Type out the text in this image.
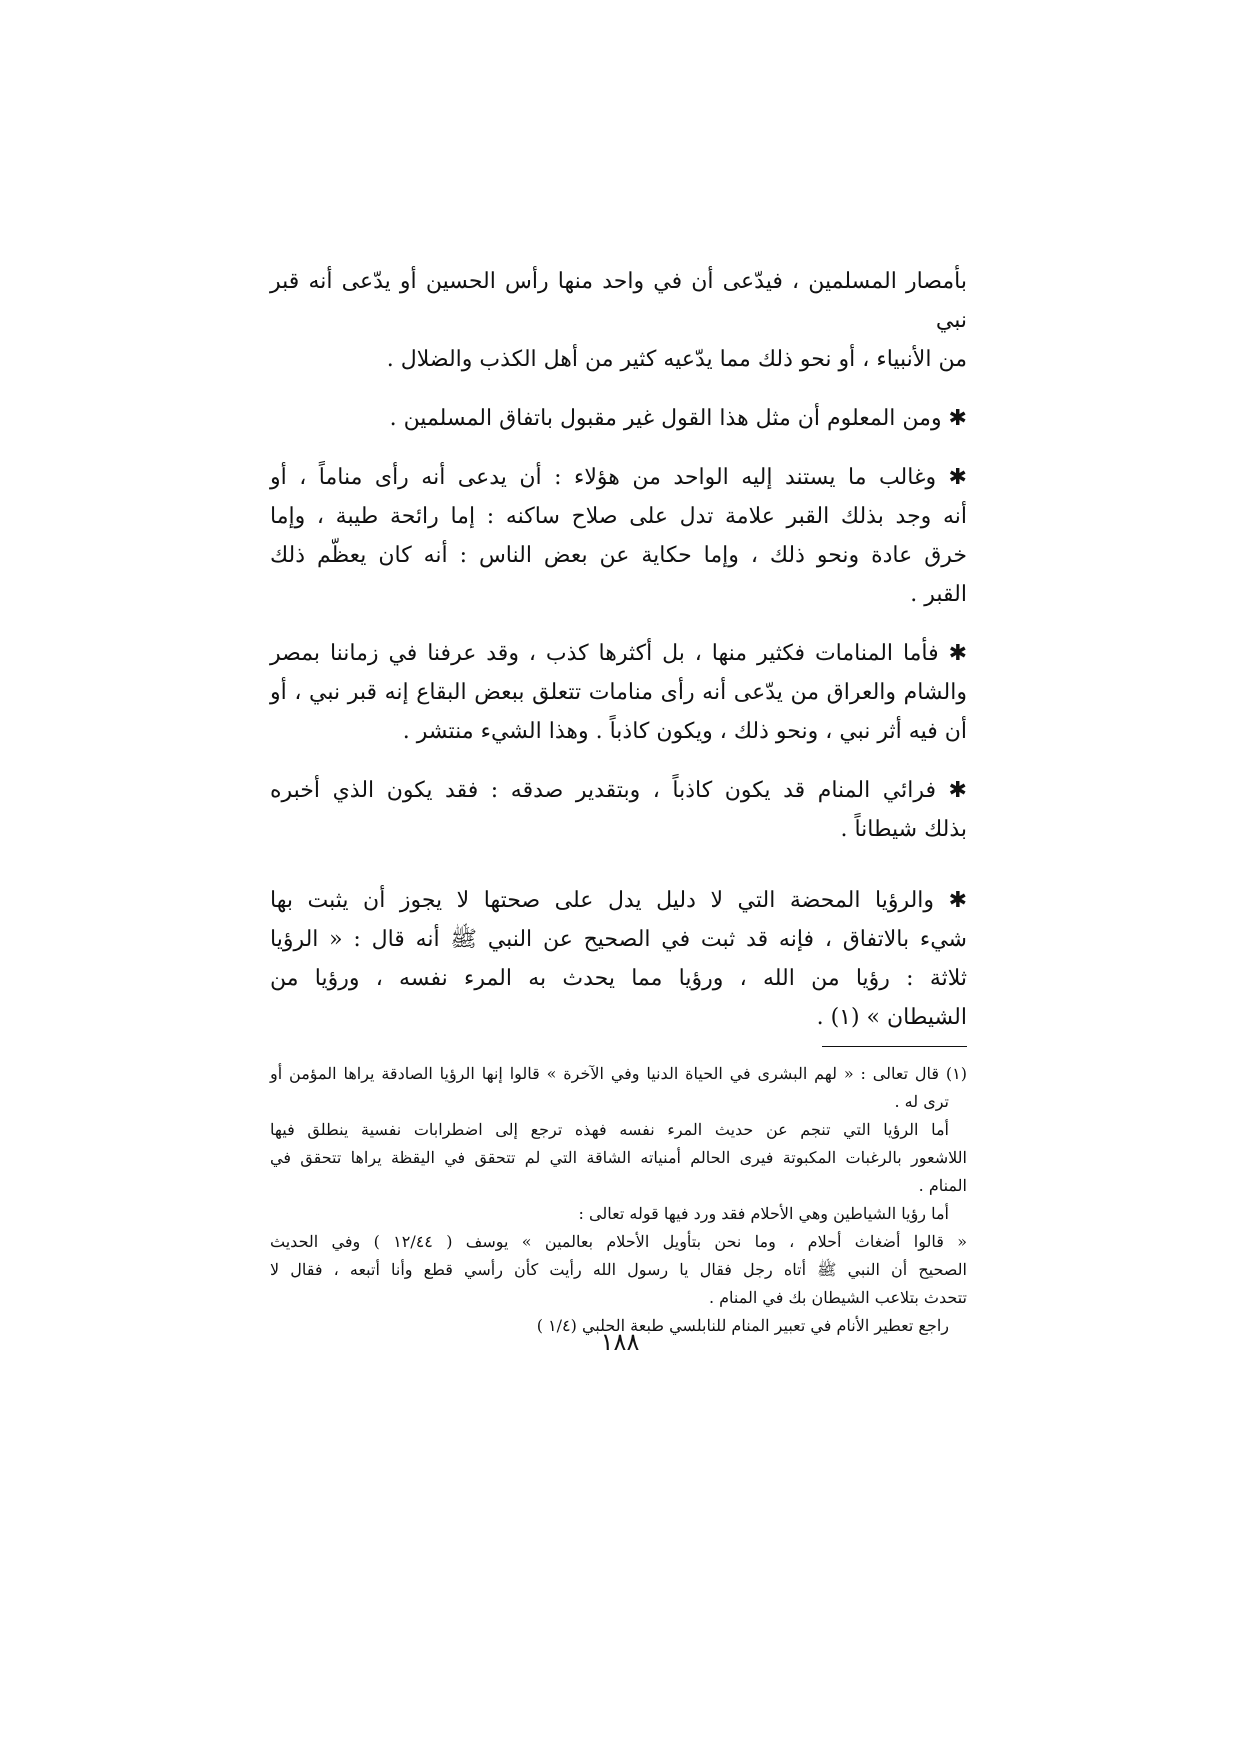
بأمصار المسلمين ، فيدّعى أن في واحد منها رأس الحسين أو يدّعى أنه قبر نبي
من الأنبياء ، أو نحو ذلك مما يدّعيه كثير من أهل الكذب والضلال .
✱ ومن المعلوم أن مثل هذا القول غير مقبول باتفاق المسلمين .
✱ وغالب ما يستند إليه الواحد من هؤلاء : أن يدعى أنه رأى مناماً ، أو
أنه وجد بذلك القبر علامة تدل على صلاح ساكنه : إما رائحة طيبة ، وإما
خرق عادة ونحو ذلك ، وإما حكاية عن بعض الناس : أنه كان يعظّم ذلك
القبر .
✱ فأما المنامات فكثير منها ، بل أكثرها كذب ، وقد عرفنا في زماننا بمصر
والشام والعراق من يدّعى أنه رأى منامات تتعلق ببعض البقاع إنه قبر نبي ، أو
أن فيه أثر نبي ، ونحو ذلك ، ويكون كاذباً . وهذا الشيء منتشر .
✱ فرائي المنام قد يكون كاذباً ، وبتقدير صدقه : فقد يكون الذي أخبره
بذلك شيطاناً .
✱ والرؤيا المحضة التي لا دليل يدل على صحتها لا يجوز أن يثبت بها
شيء بالاتفاق ، فإنه قد ثبت في الصحيح عن النبي ﷺ أنه قال : « الرؤيا
ثلاثة : رؤيا من الله ، ورؤيا مما يحدث به المرء نفسه ، ورؤيا من
الشيطان » (١) .
(١) قال تعالى : « لهم البشرى في الحياة الدنيا وفي الآخرة » قالوا إنها الرؤيا الصادقة يراها المؤمن أو
ترى له .
أما الرؤيا التي تنجم عن حديث المرء نفسه فهذه ترجع إلى اضطرابات نفسية ينطلق فيها
اللاشعور بالرغبات المكبوتة فيرى الحالم أمنياته الشاقة التي لم تتحقق في اليقظة يراها تتحقق في
المنام .
أما رؤيا الشياطين وهي الأحلام فقد ورد فيها قوله تعالى :
« قالوا أضغاث أحلام ، وما نحن بتأويل الأحلام بعالمين » يوسف ( ١٢/٤٤ ) وفي الحديث
الصحيح أن النبي ﷺ أتاه رجل فقال يا رسول الله رأيت كأن رأسي قطع وأنا أتبعه ، فقال لا
تتحدث بتلاعب الشيطان بك في المنام .
راجع تعطير الأنام في تعبير المنام للنابلسي طبعة الحلبي (١/٤ )
١٨٨
